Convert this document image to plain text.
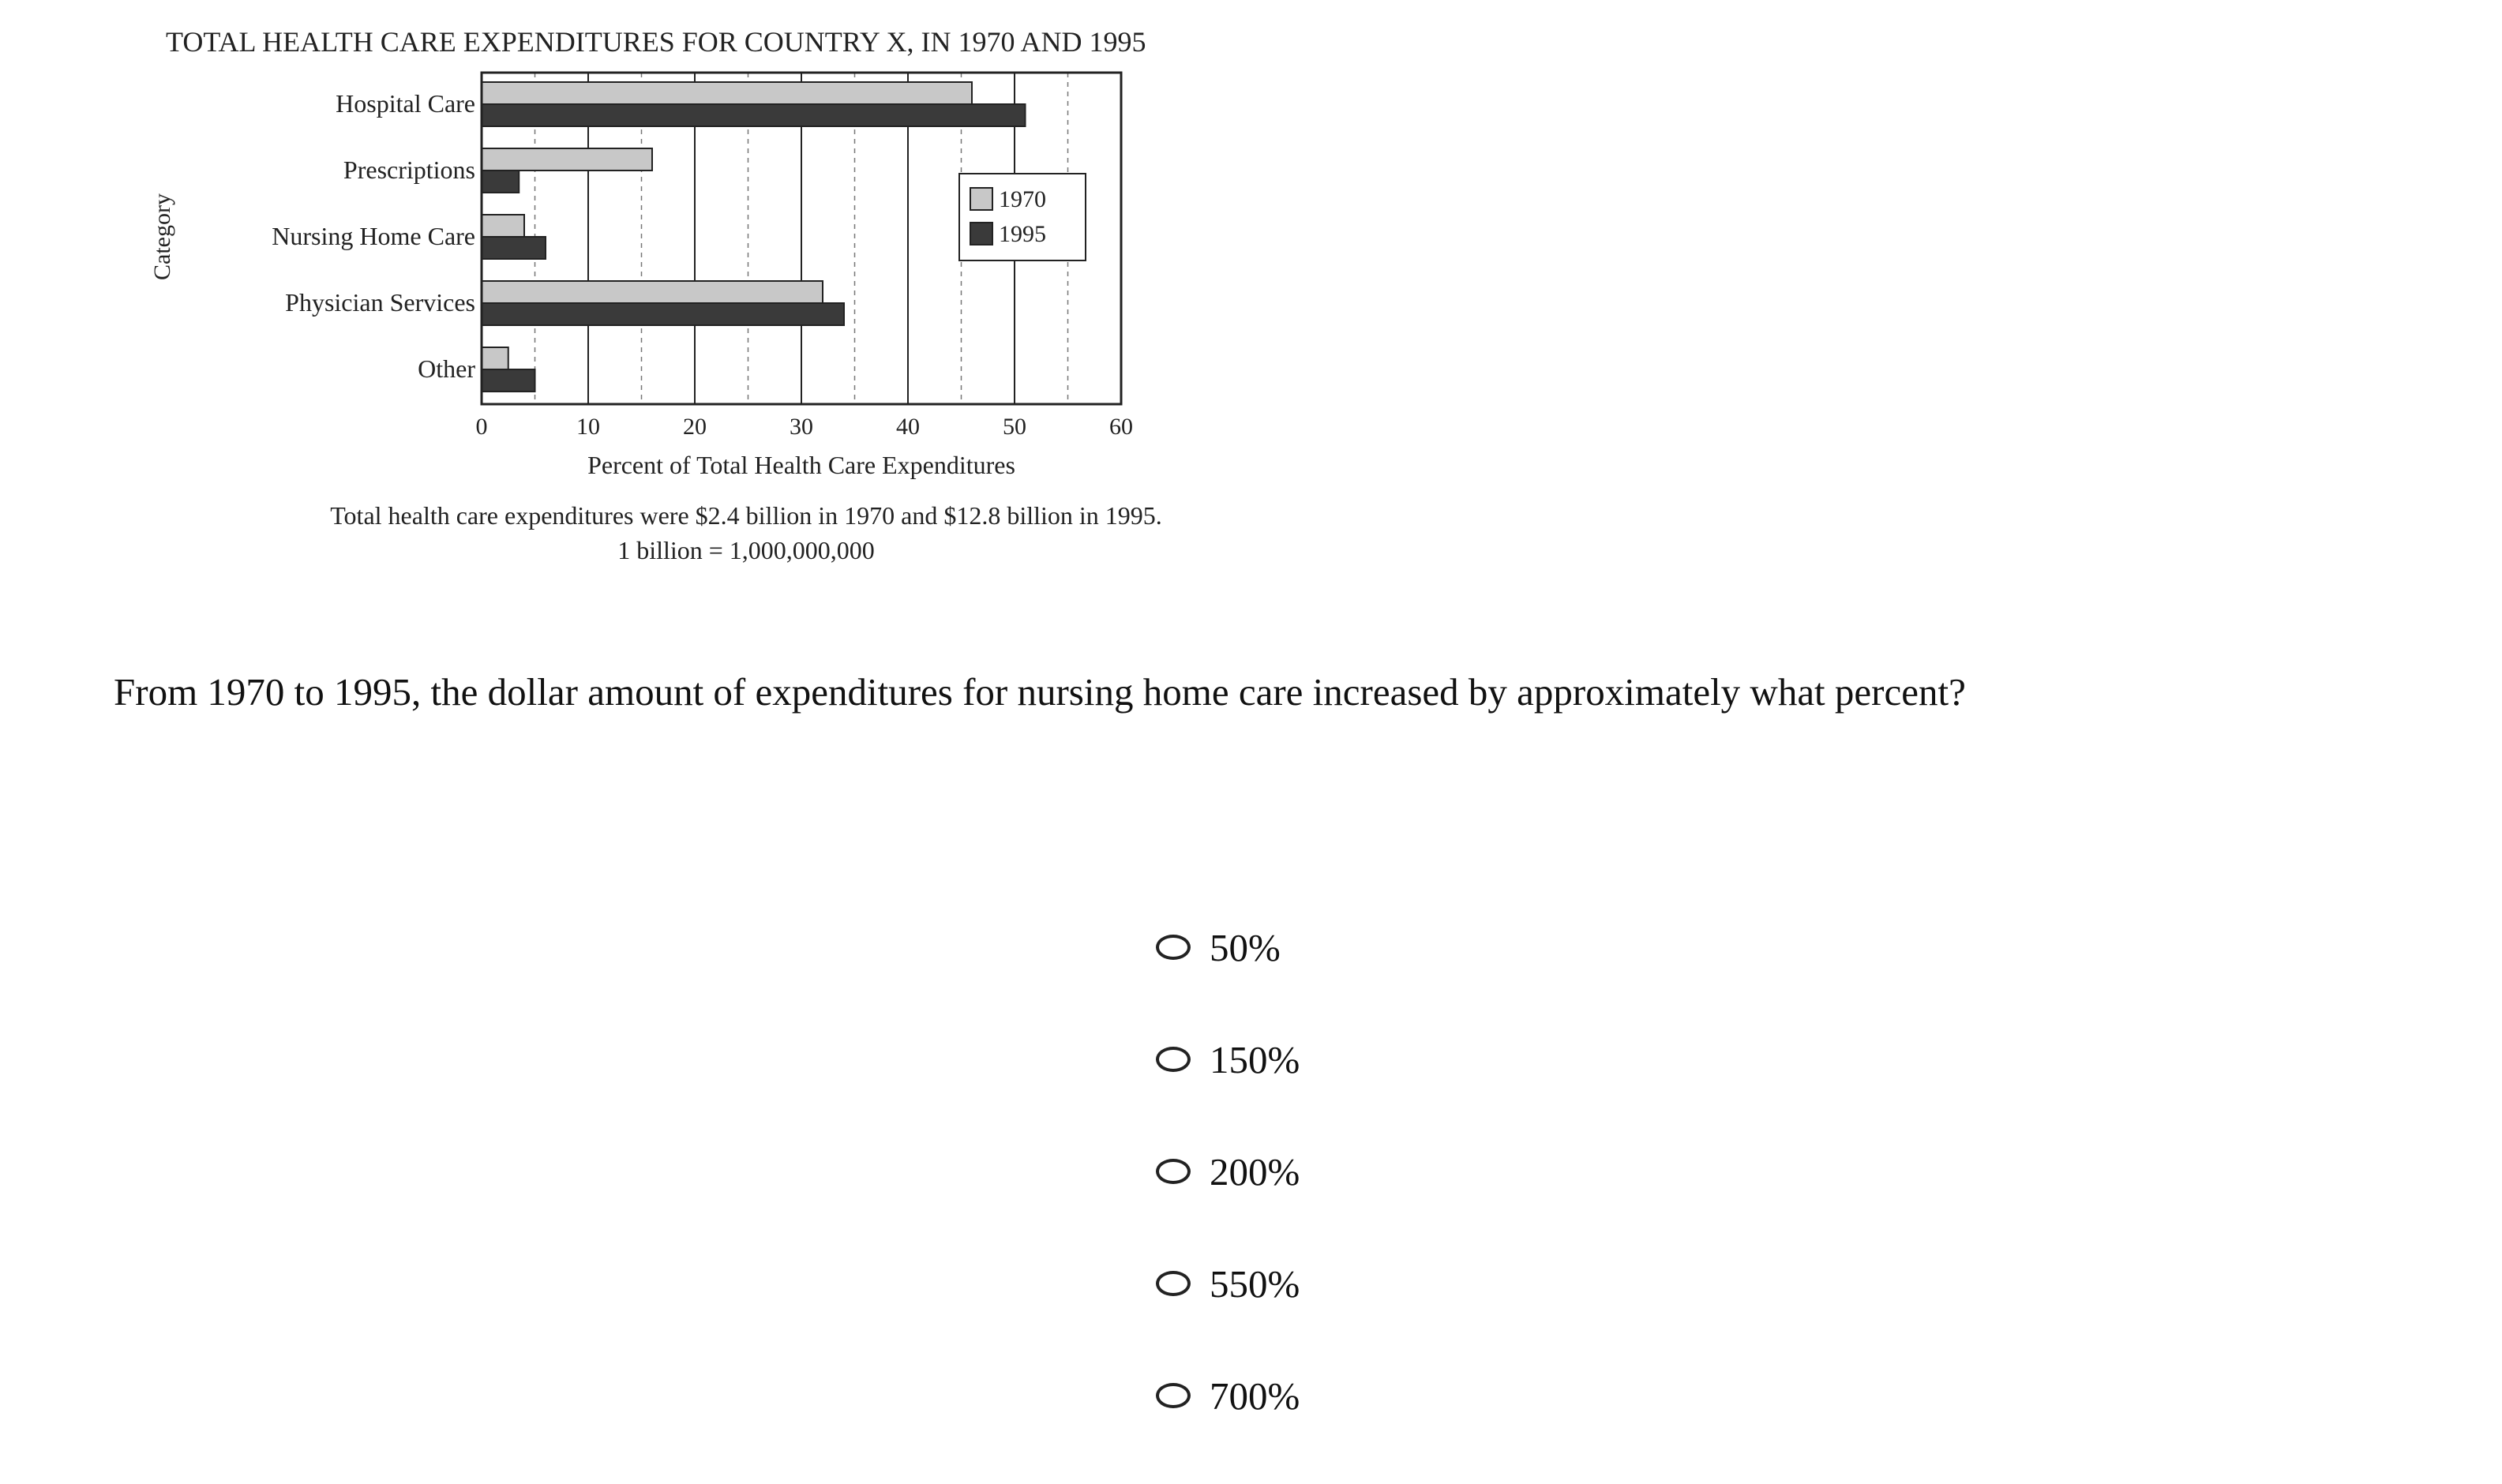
TOTAL HEALTH CARE EXPENDITURES FOR COUNTRY X, IN 1970 AND 1995
Category
Hospital Care
Prescriptions
Nursing Home Care
Physician Services
Other
0	10	20	30	40	50	60
Percent of Total Health Care Expenditures
Total health care expenditures were $2.4 billion in 1970 and $12.8 billion in 1995.
1 billion = 1,000,000,000
1970
1995
From 1970 to 1995, the dollar amount of expenditures for nursing home care increased by approximately what percent?
50%
150%
200%
550%
700%
